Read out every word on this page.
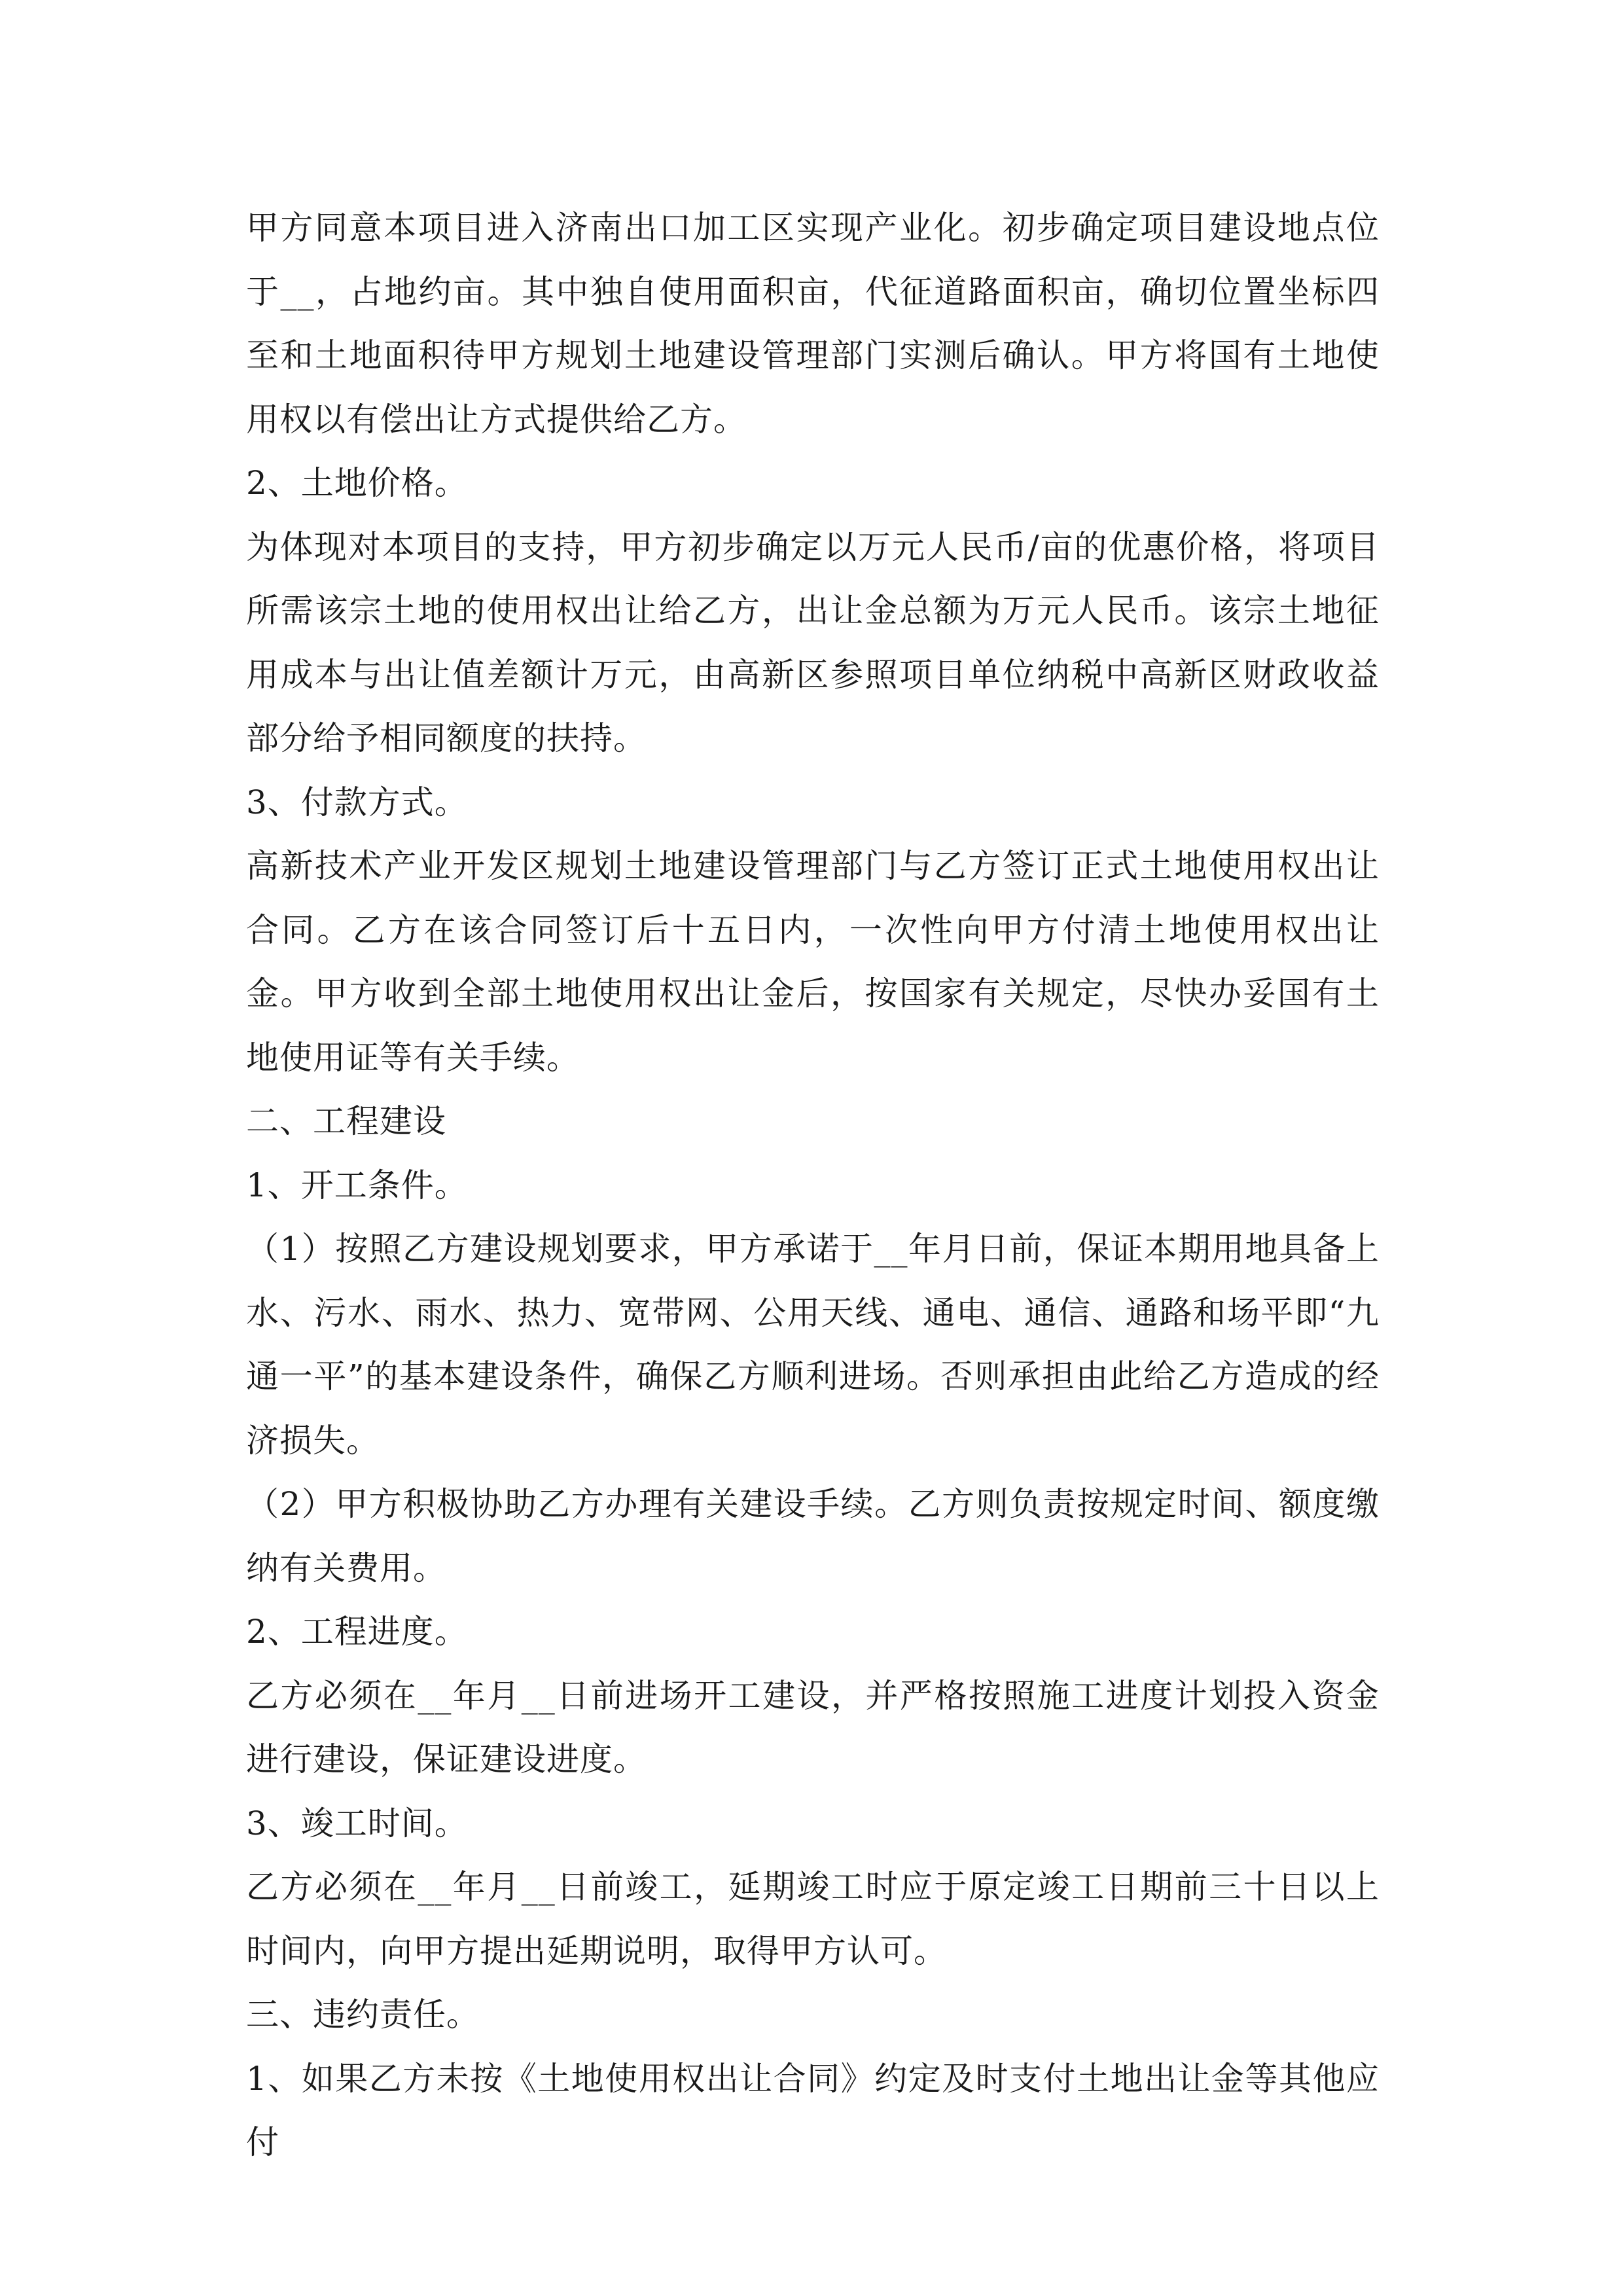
甲方同意本项目进入济南出口加工区实现产业化。初步确定项目建设地点位于__，占地约亩。其中独自使用面积亩，代征道路面积亩，确切位置坐标四至和土地面积待甲方规划土地建设管理部门实测后确认。甲方将国有土地使用权以有偿出让方式提供给乙方。

2、土地价格。

为体现对本项目的支持，甲方初步确定以万元人民币/亩的优惠价格，将项目所需该宗土地的使用权出让给乙方，出让金总额为万元人民币。该宗土地征用成本与出让值差额计万元，由高新区参照项目单位纳税中高新区财政收益部分给予相同额度的扶持。

3、付款方式。

高新技术产业开发区规划土地建设管理部门与乙方签订正式土地使用权出让合同。乙方在该合同签订后十五日内，一次性向甲方付清土地使用权出让金。甲方收到全部土地使用权出让金后，按国家有关规定，尽快办妥国有土地使用证等有关手续。

二、工程建设

1、开工条件。

（1）按照乙方建设规划要求，甲方承诺于__年月日前，保证本期用地具备上水、污水、雨水、热力、宽带网、公用天线、通电、通信、通路和场平即“九通一平”的基本建设条件，确保乙方顺利进场。否则承担由此给乙方造成的经济损失。

（2）甲方积极协助乙方办理有关建设手续。乙方则负责按规定时间、额度缴纳有关费用。

2、工程进度。

乙方必须在__年月__日前进场开工建设，并严格按照施工进度计划投入资金进行建设，保证建设进度。

3、竣工时间。

乙方必须在__年月__日前竣工，延期竣工时应于原定竣工日期前三十日以上时间内，向甲方提出延期说明，取得甲方认可。

三、违约责任。

1、如果乙方未按《土地使用权出让合同》约定及时支付土地出让金等其他应付
